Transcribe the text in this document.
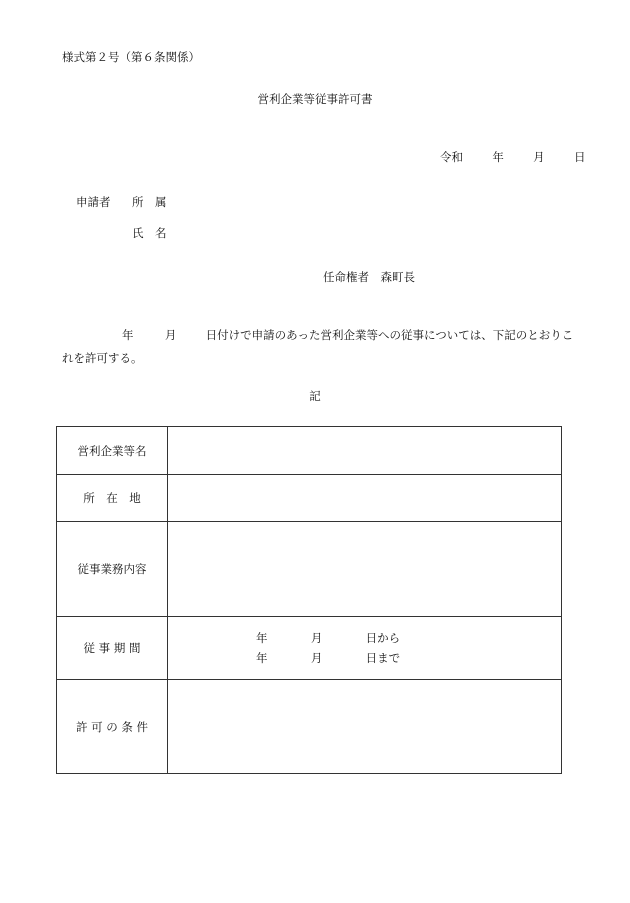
様式第２号（第６条関係）
営利企業等従事許可書
令和	年	月	日
申請者 所　属
氏　名
任命権者　森町長
年	月	日付けで申請のあった営利企業等への従事については、下記のとおりこ
れを許可する。
記
営利企業等名	
所　在　地	
従事業務内容	
従 事 期 間	年 月 日から
年 月 日まで

許 可 の 条 件	
